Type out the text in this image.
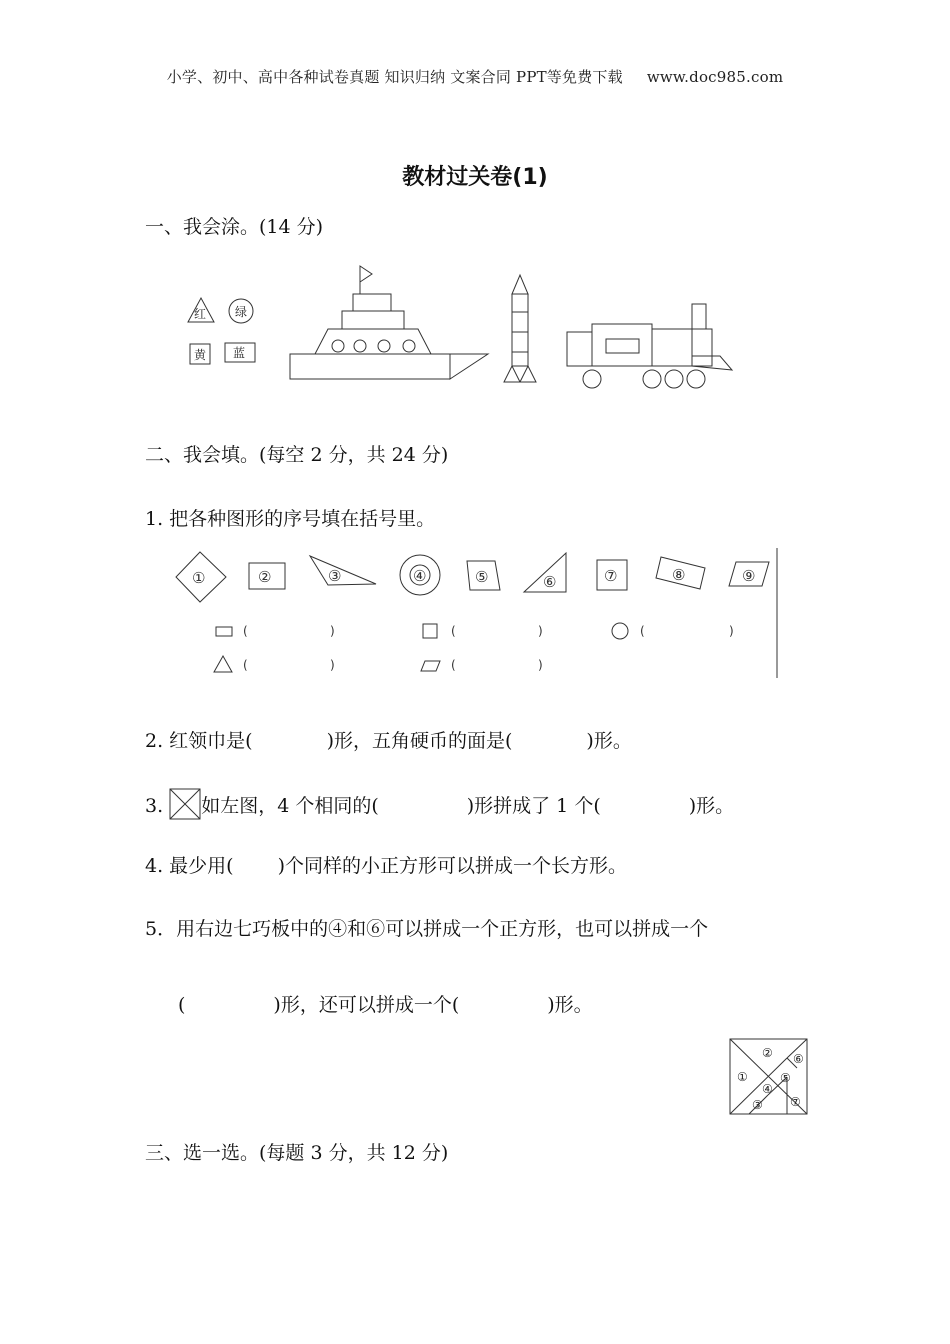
小学、初中、高中各种试卷真题 知识归纳 文案合同 PPT等免费下载 www.doc985.com
教材过关卷(1)
一、我会涂。(14 分)
红 绿
黄 蓝
二、我会填。(每空 2 分，共 24 分)
1. 把各种图形的序号填在括号里。
①	②	③	④	⑤	⑥	⑦	⑧	⑨
(	)	(	)	(	)
(	)	(	)
2. 红领巾是(	)形，五角硬币的面是(	)形。
3. 如左图，4 个相同的(	)形拼成了 1 个(	)形。
4. 最少用( )个同样的小正方形可以拼成一个长方形。
5．用右边七巧板中的④和⑥可以拼成一个正方形，也可以拼成一个
(	)形，还可以拼成一个(	)形。
①
②
③
④
⑤
⑥
⑦
三、选一选。(每题 3 分，共 12 分)
